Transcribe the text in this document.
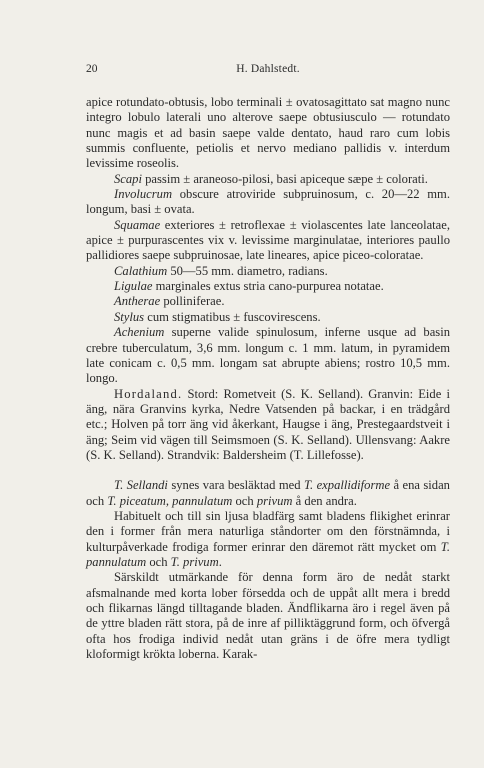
20	H. Dahlstedt.

apice rotundato-obtusis, lobo terminali ± ovatosagittato sat magno nunc integro lobulo laterali uno alterove saepe obtusiusculo — rotundato nunc magis et ad basin saepe valde dentato, haud raro cum lobis summis confluente, petiolis et nervo mediano pallidis v. interdum levissime roseolis.

Scapi passim ± araneoso-pilosi, basi apiceque sæpe ± colorati.

Involucrum obscure atroviride subpruinosum, c. 20—22 mm. longum, basi ± ovata.

Squamae exteriores ± retroflexae ± violascentes late lanceolatae, apice ± purpurascentes vix v. levissime marginulatae, interiores paullo pallidiores saepe subpruinosae, late lineares, apice piceo-coloratae.

Calathium 50—55 mm. diametro, radians.

Ligulae marginales extus stria cano-purpurea notatae.

Antherae polliniferae.

Stylus cum stigmatibus ± fuscovirescens.

Achenium superne valide spinulosum, inferne usque ad basin crebre tuberculatum, 3,6 mm. longum c. 1 mm. latum, in pyramidem late conicam c. 0,5 mm. longam sat abrupte abiens; rostro 10,5 mm. longo.

Hordaland. Stord: Rometveit (S. K. Selland). Granvin: Eide i äng, nära Granvins kyrka, Nedre Vatsenden på backar, i en trädgård etc.; Holven på torr äng vid åkerkant, Haugse i äng, Prestegaardstveit i äng; Seim vid vägen till Seimsmoen (S. K. Selland). Ullensvang: Aakre (S. K. Selland). Strandvik: Baldersheim (T. Lillefosse).

T. Sellandi synes vara besläktad med T. expallidiforme å ena sidan och T. piceatum, pannulatum och privum å den andra.

Habituelt och till sin ljusa bladfärg samt bladens flikighet erinrar den i former från mera naturliga ståndorter om den förstnämnda, i kulturpåverkade frodiga former erinrar den däremot rätt mycket om T. pannulatum och T. privum.

Särskildt utmärkande för denna form äro de nedåt starkt afsmalnande med korta lober försedda och de uppåt allt mera i bredd och flikarnas längd tilltagande bladen. Ändflikarna äro i regel även på de yttre bladen rätt stora, på de inre af pilliktäggrund form, och öfvergå ofta hos frodiga individ nedåt utan gräns i de öfre mera tydligt kloformigt krökta loberna. Karak-
